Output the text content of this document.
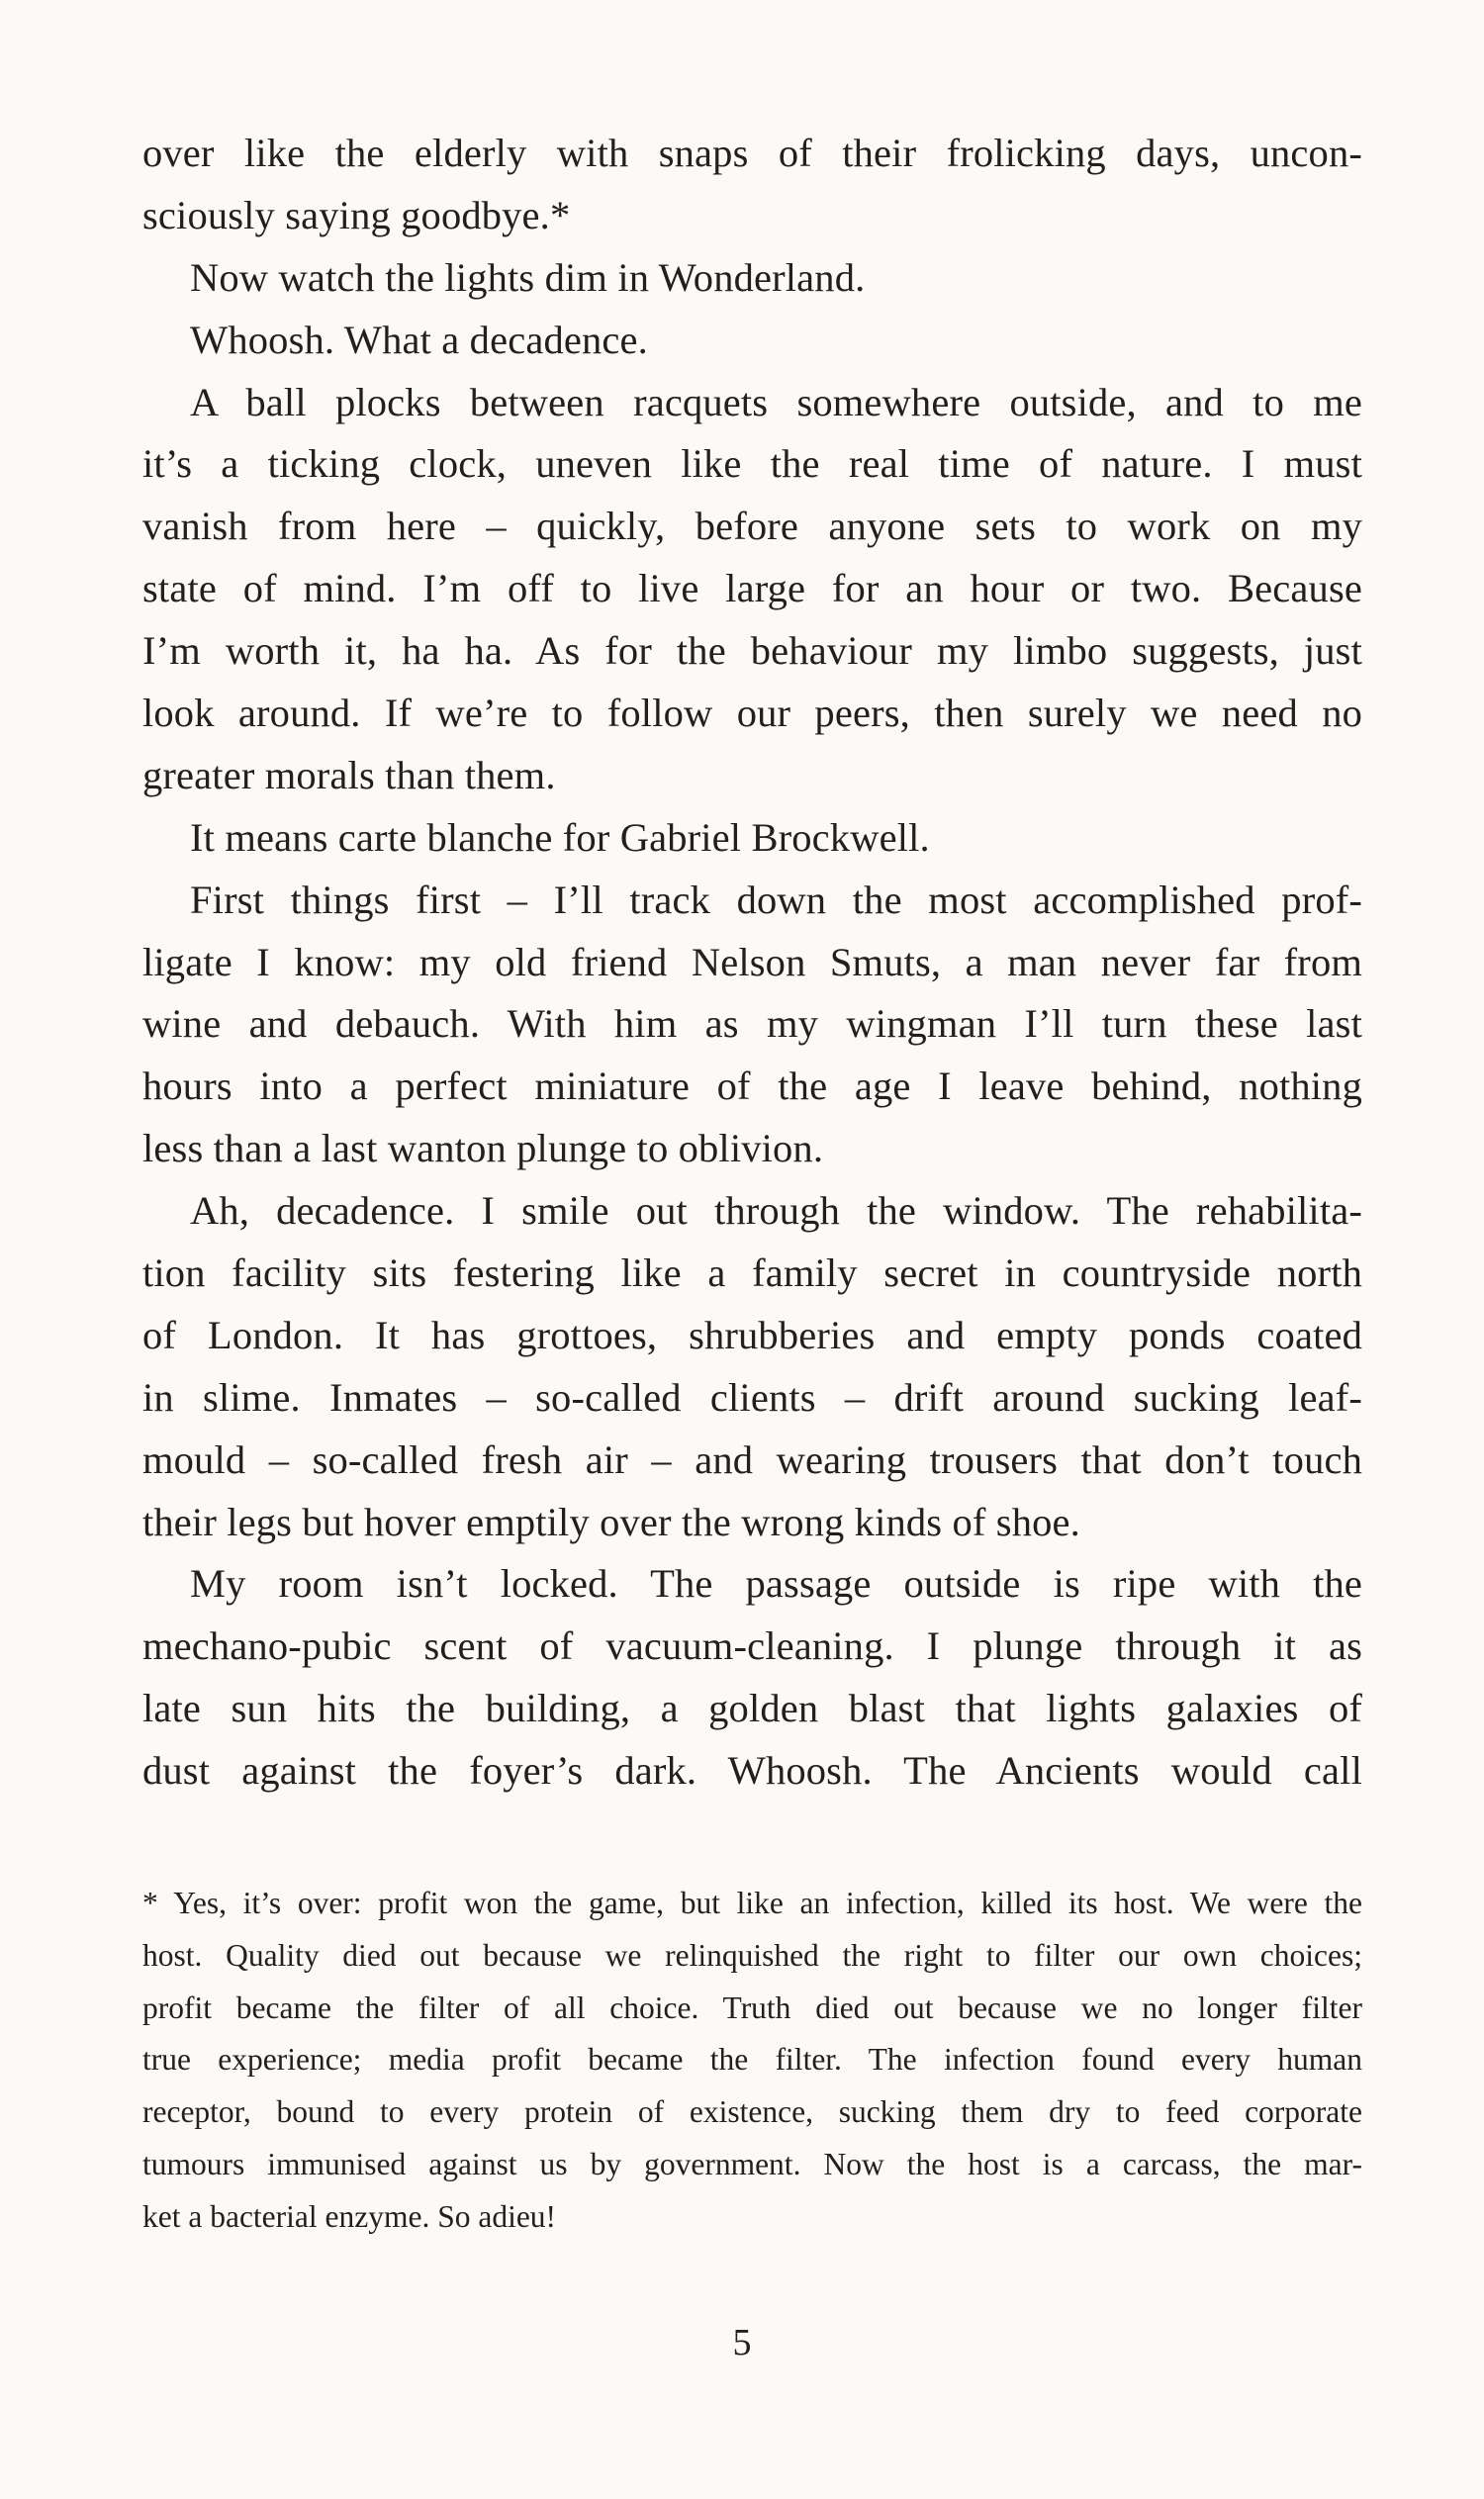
over like the elderly with snaps of their frolicking days, uncon-
sciously saying goodbye.*
Now watch the lights dim in Wonderland.
Whoosh. What a decadence.
A ball plocks between racquets somewhere outside, and to me
it’s a ticking clock, uneven like the real time of nature. I must
vanish from here – quickly, before anyone sets to work on my
state of mind. I’m off to live large for an hour or two. Because
I’m worth it, ha ha. As for the behaviour my limbo suggests, just
look around. If we’re to follow our peers, then surely we need no
greater morals than them.
It means carte blanche for Gabriel Brockwell.
First things first – I’ll track down the most accomplished prof-
ligate I know: my old friend Nelson Smuts, a man never far from
wine and debauch. With him as my wingman I’ll turn these last
hours into a perfect miniature of the age I leave behind, nothing
less than a last wanton plunge to oblivion.
Ah, decadence. I smile out through the window. The rehabilita-
tion facility sits festering like a family secret in countryside north
of London. It has grottoes, shrubberies and empty ponds coated
in slime. Inmates – so-called clients – drift around sucking leaf-
mould – so-called fresh air – and wearing trousers that don’t touch
their legs but hover emptily over the wrong kinds of shoe.
My room isn’t locked. The passage outside is ripe with the
mechano-pubic scent of vacuum-cleaning. I plunge through it as
late sun hits the building, a golden blast that lights galaxies of
dust against the foyer’s dark. Whoosh. The Ancients would call
* Yes, it’s over: profit won the game, but like an infection, killed its host. We were the
host. Quality died out because we relinquished the right to filter our own choices;
profit became the filter of all choice. Truth died out because we no longer filter
true experience; media profit became the filter. The infection found every human
receptor, bound to every protein of existence, sucking them dry to feed corporate
tumours immunised against us by government. Now the host is a carcass, the mar-
ket a bacterial enzyme. So adieu!
5
